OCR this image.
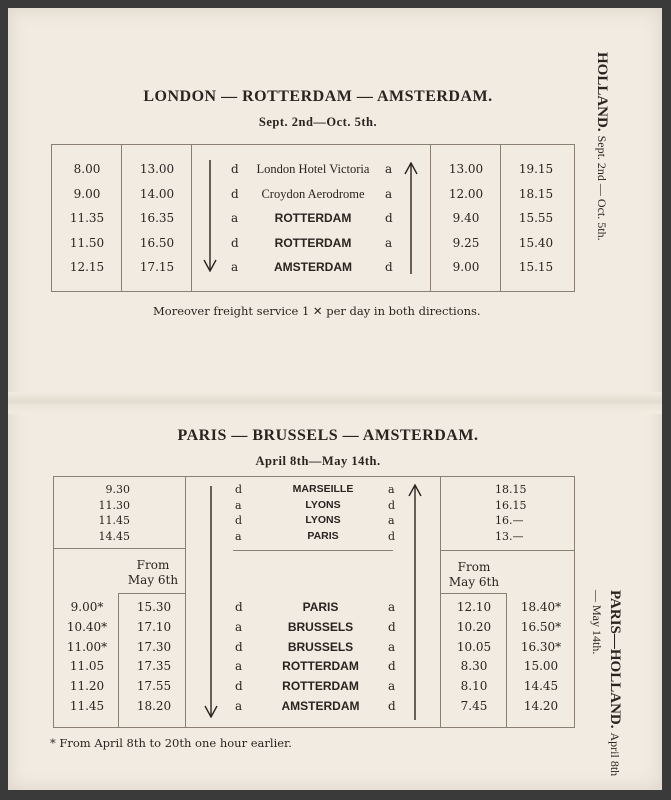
HOLLAND. Sept. 2nd — Oct. 5th.
PARIS—HOLLAND. April 8th — May 14th.
LONDON — ROTTERDAM — AMSTERDAM.
Sept. 2nd—Oct. 5th.
8.00	13.00	d	London Hotel Victoria	a	13.00	19.15
9.00	14.00	d	Croydon Aerodrome	a	12.00	18.15
11.35	16.35	a	ROTTERDAM	d	9.40	15.55
11.50	16.50	d	ROTTERDAM	a	9.25	15.40
12.15	17.15	a	AMSTERDAM	d	9.00	15.15
Moreover freight service 1 ✕ per day in both directions.
PARIS — BRUSSELS — AMSTERDAM.
April 8th—May 14th.
From
May 6th
From
May 6th
9.30	d	MARSEILLE	a	18.15
11.30	a	LYONS	d	16.15
11.45	d	LYONS	a	16.—
14.45	a	PARIS	d	13.—
9.00*	15.30	d	PARIS	a	12.10	18.40*
10.40*	17.10	a	BRUSSELS	d	10.20	16.50*
11.00*	17.30	d	BRUSSELS	a	10.05	16.30*
11.05	17.35	a	ROTTERDAM	d	8.30	15.00
11.20	17.55	d	ROTTERDAM	a	8.10	14.45
11.45	18.20	a	AMSTERDAM	d	7.45	14.20
* From April 8th to 20th one hour earlier.
